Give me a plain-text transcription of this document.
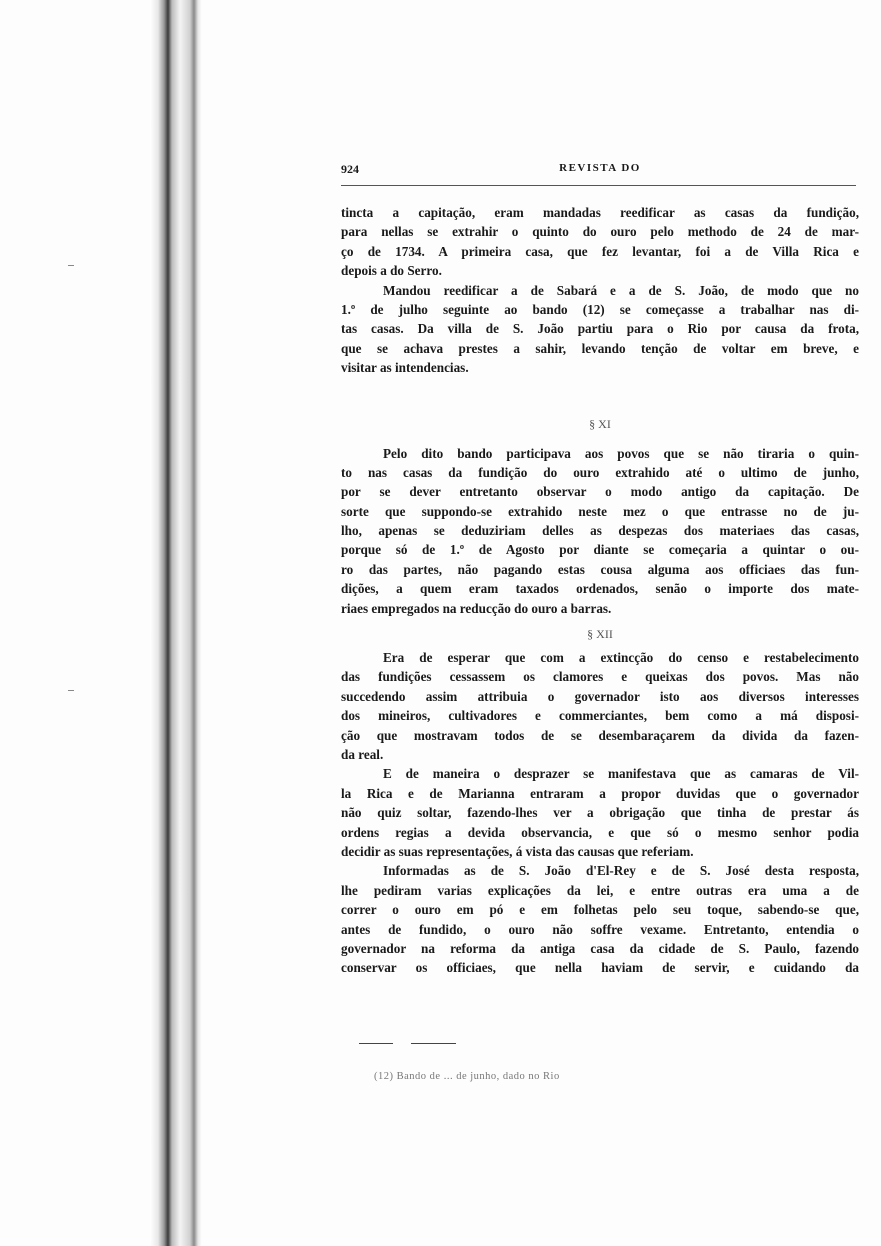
924	REVISTA DO
tincta a capitação, eram mandadas reedificar as casas da fundição,
para nellas se extrahir o quinto do ouro pelo methodo de 24 de mar-
ço de 1734. A primeira casa, que fez levantar, foi a de Villa Rica e
depois a do Serro.
Mandou reedificar a de Sabará e a de S. João, de modo que no
1.º de julho seguinte ao bando (12) se começasse a trabalhar nas di-
tas casas. Da villa de S. João partiu para o Rio por causa da frota,
que se achava prestes a sahir, levando tenção de voltar em breve, e
visitar as intendencias.
§ XI
Pelo dito bando participava aos povos que se não tiraria o quin-
to nas casas da fundição do ouro extrahido até o ultimo de junho,
por se dever entretanto observar o modo antigo da capitação. De
sorte que suppondo-se extrahido neste mez o que entrasse no de ju-
lho, apenas se deduziriam delles as despezas dos materiaes das casas,
porque só de 1.º de Agosto por diante se começaria a quintar o ou-
ro das partes, não pagando estas cousa alguma aos officiaes das fun-
dições, a quem eram taxados ordenados, senão o importe dos mate-
riaes empregados na reducção do ouro a barras.
§ XII
Era de esperar que com a extincção do censo e restabelecimento
das fundições cessassem os clamores e queixas dos povos. Mas não
succedendo assim attribuia o governador isto aos diversos interesses
dos mineiros, cultivadores e commerciantes, bem como a má disposi-
ção que mostravam todos de se desembaraçarem da divida da fazen-
da real.
E de maneira o desprazer se manifestava que as camaras de Vil-
la Rica e de Marianna entraram a propor duvidas que o governador
não quiz soltar, fazendo-lhes ver a obrigação que tinha de prestar ás
ordens regias a devida observancia, e que só o mesmo senhor podia
decidir as suas representações, á vista das causas que referiam.
Informadas as de S. João d'El-Rey e de S. José desta resposta,
lhe pediram varias explicações da lei, e entre outras era uma a de
correr o ouro em pó e em folhetas pelo seu toque, sabendo-se que,
antes de fundido, o ouro não soffre vexame. Entretanto, entendia o
governador na reforma da antiga casa da cidade de S. Paulo, fazendo
conservar os officiaes, que nella haviam de servir, e cuidando da
(12) Bando de ... de junho, dado no Rio
